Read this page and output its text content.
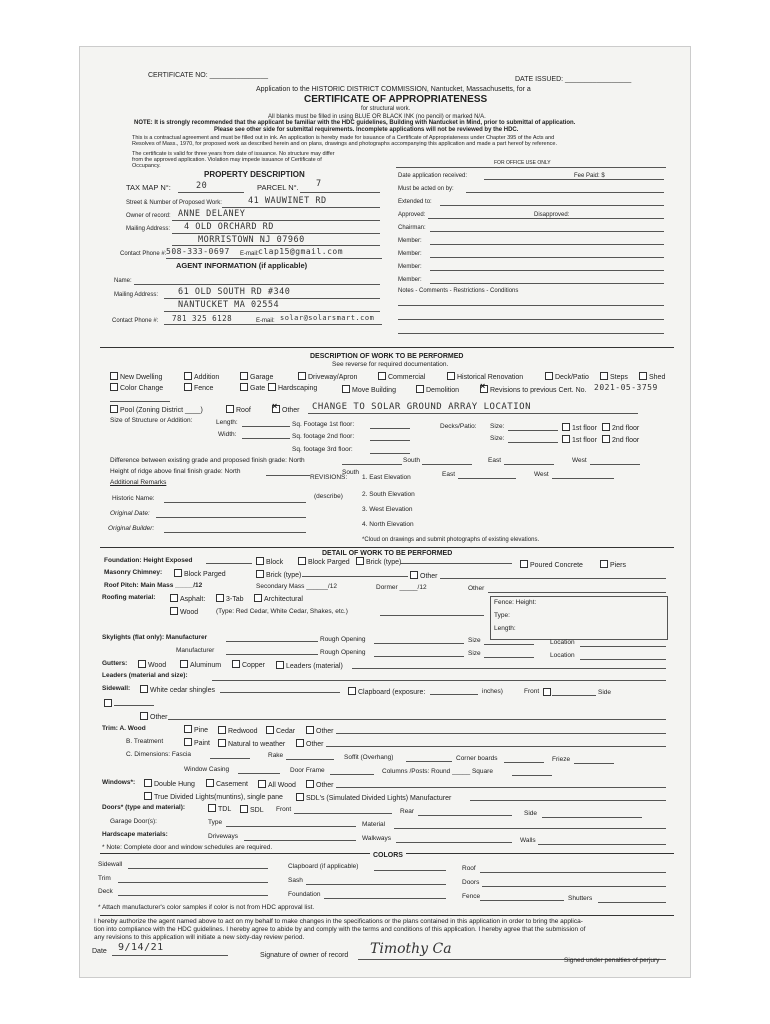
CERTIFICATE NO: _______________
DATE ISSUED: _________________
Application to the HISTORIC DISTRICT COMMISSION, Nantucket, Massachusetts, for a
CERTIFICATE OF APPROPRIATENESS
for structural work.
All blanks must be filled in using BLUE OR BLACK INK (no pencil) or marked N/A.
NOTE: It is strongly recommended that the applicant be familiar with the HDC guidelines, Building with Nantucket in Mind, prior to submittal of application.
Please see other side for submittal requirements. Incomplete applications will not be reviewed by the HDC.
This is a contractual agreement and must be filled out in ink. An application is hereby made for issuance of a Certificate of Appropriateness under Chapter 395 of the Acts and
Resolves of Mass., 1970, for proposed work as described herein and on plans, drawings and photographs accompanying this application and made a part hereof by reference.
The certificate is valid for three years from date of issuance. No structure may differ
from the approved application. Violation may impede issuance of Certificate of
Occupancy.
PROPERTY DESCRIPTION
TAX MAP N°:	20	PARCEL N°. 7
Street & Number of Proposed Work:	41 WAUWINET RD
Owner of record: ANNE DELANEY
Mailing Address: 4 OLD ORCHARD RD
MORRISTOWN NJ 07960
Contact Phone #: 508-333-0697 E-mail: clap15@gmail.com
AGENT INFORMATION (if applicable)
Name:
Mailing Address: 61 OLD SOUTH RD #340
NANTUCKET MA 02554
Contact Phone #: 781 325 6128	E-mail: solar@solarsmart.com
FOR OFFICE USE ONLY
Date application received:	Fee Paid: $
Must be acted on by:
Extended to:
Approved:	Disapproved:
Chairman:
Member:
Member:
Member:
Member:
Notes - Comments - Restrictions - Conditions
DESCRIPTION OF WORK TO BE PERFORMED
See reverse for required documentation.
New Dwelling	Addition	Garage	Driveway/Apron	Commercial	Historical Renovation	Deck/Patio	Steps	Shed
Color Change	Fence	Gate	Hardscaping	Move Building	Demolition ×	Revisions to previous Cert. No. 2021-05-3759
Pool (Zoning District ____)	Roof ×	Other CHANGE TO SOLAR GROUND ARRAY LOCATION
Size of Structure or Addition:	Length:
Width:
Sq. Footage 1st floor:
Sq. footage 2nd floor:
Sq. footage 3rd floor:
Decks/Patio: Size:	1st floor	2nd floor
Size:	1st floor	2nd floor
Difference between existing grade and proposed finish grade: North	South	East	West
Height of ridge above final finish grade: North	South	East	West
REVISIONS: 1. East Elevation
Additional Remarks
Historic Name:	(describe)	2. South Elevation
Original Date:
3. West Elevation
4. North Elevation
Original Builder:
*Cloud on drawings and submit photographs of existing elevations.
DETAIL OF WORK TO BE PERFORMED
Foundation: Height Exposed	Block	Block Parged	Brick (type)	Poured Concrete	Piers
Masonry Chimney:	Block Parged	Brick (type)	Other
Roof Pitch: Main Mass _____/12	Secondary Mass ______/12	Dormer _____/12	Other
Roofing material:	Asphalt:	3-Tab	Architectural
Wood	(Type: Red Cedar, White Cedar, Shakes, etc.)
Fence: Height:
Type:
Length:
Skylights (flat only): Manufacturer	Rough Opening	Size	Location
Manufacturer	Rough Opening	Size	Location
Gutters:	Wood	Aluminum	Copper	Leaders (material)
Leaders (material and size):
Sidewall:	White cedar shingles	Clapboard (exposure:	inches)	Front	Side
Other
Trim: A. Wood	Pine	Redwood	Cedar	Other
B. Treatment	Paint	Natural to weather	Other
C. Dimensions: Fascia	Rake	Soffit (Overhang)	Corner boards	Frieze
Window Casing	Door Frame	Columns /Posts: Round _____ Square
Windows*:	Double Hung	Casement	All Wood	Other
True Divided Lights(muntins), single pane	SDL's (Simulated Divided Lights) Manufacturer
Doors* (type and material):	TDL	SDL Front	Rear	Side
Garage Door(s):	Type	Material
Hardscape materials:	Driveways	Walkways	Walls
* Note: Complete door and window schedules are required.
COLORS
Sidewall	Clapboard (if applicable)	Roof
Trim	Sash	Doors
Deck	Foundation	Fence	Shutters
* Attach manufacturer's color samples if color is not from HDC approval list.
I hereby authorize the agent named above to act on my behalf to make changes in the specifications or the plans contained in this application in order to bring the applica-
tion into compliance with the HDC guidelines. I hereby agree to abide by and comply with the terms and conditions of this application. I hereby agree that the submission of
any revisions to this application will initiate a new sixty-day review period.
Date 9/14/21
Signature of owner of record Timothy Ca
Signed under penalties of perjury
